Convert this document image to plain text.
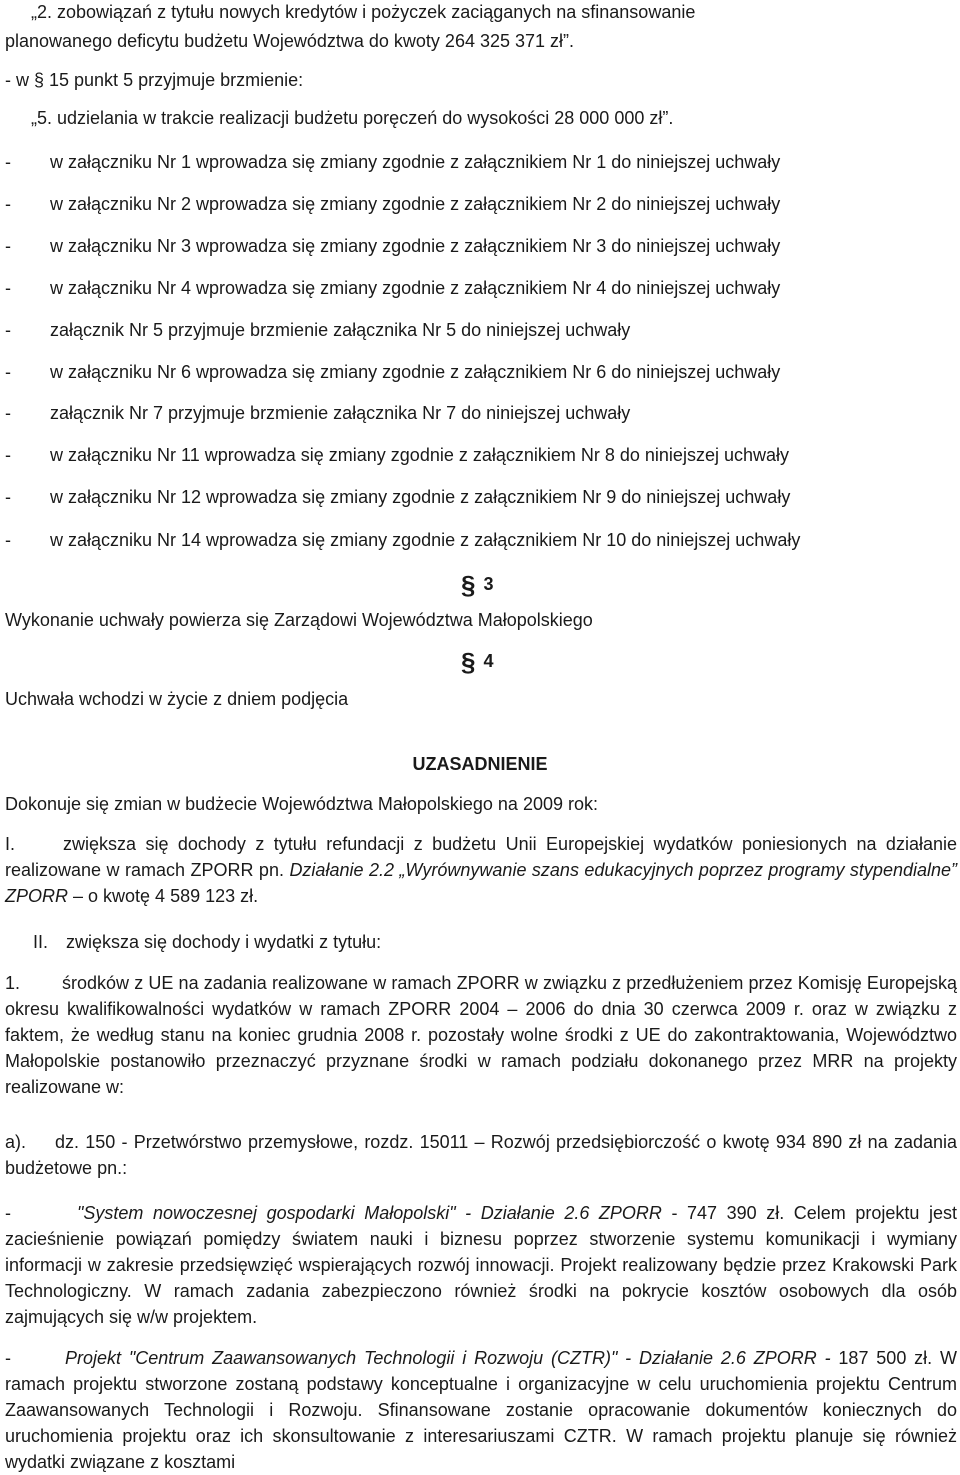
„2. zobowiązań z tytułu nowych kredytów i pożyczek zaciąganych na sfinansowanie
planowanego deficytu budżetu Województwa do kwoty 264 325 371 zł”.
- w § 15 punkt 5 przyjmuje brzmienie:
„5. udzielania w trakcie realizacji budżetu poręczeń do wysokości 28 000 000 zł”.
-	w załączniku Nr 1 wprowadza się zmiany zgodnie z załącznikiem Nr 1 do niniejszej uchwały
-	w załączniku Nr 2 wprowadza się zmiany zgodnie z załącznikiem Nr 2 do niniejszej uchwały
-	w załączniku Nr 3 wprowadza się zmiany zgodnie z załącznikiem Nr 3 do niniejszej uchwały
-	w załączniku Nr 4 wprowadza się zmiany zgodnie z załącznikiem Nr 4 do niniejszej uchwały
-	załącznik Nr 5 przyjmuje brzmienie załącznika Nr 5 do niniejszej uchwały
-	w załączniku Nr 6 wprowadza się zmiany zgodnie z załącznikiem Nr 6 do niniejszej uchwały
-	załącznik Nr 7 przyjmuje brzmienie załącznika Nr 7 do niniejszej uchwały
-	w załączniku Nr 11 wprowadza się zmiany zgodnie z załącznikiem Nr 8 do niniejszej uchwały
-	w załączniku Nr 12 wprowadza się zmiany zgodnie z załącznikiem Nr 9 do niniejszej uchwały
-	w załączniku Nr 14 wprowadza się zmiany zgodnie z załącznikiem Nr 10 do niniejszej uchwały
§ 3
Wykonanie uchwały powierza się Zarządowi Województwa Małopolskiego
§ 4
Uchwała wchodzi w życie z dniem podjęcia
UZASADNIENIE
Dokonuje się zmian w budżecie Województwa Małopolskiego na 2009 rok:
I.	zwiększa się dochody z tytułu refundacji z budżetu Unii Europejskiej wydatków poniesionych na działanie realizowane w ramach ZPORR pn. Działanie 2.2 „Wyrównywanie szans edukacyjnych poprzez programy stypendialne” ZPORR – o kwotę 4 589 123 zł.
II. zwiększa się dochody i wydatki z tytułu:
1. środków z UE na zadania realizowane w ramach ZPORR w związku z przedłużeniem przez Komisję Europejską okresu kwalifikowalności wydatków w ramach ZPORR 2004 – 2006 do dnia 30 czerwca 2009 r. oraz w związku z faktem, że według stanu na koniec grudnia 2008 r. pozostały wolne środki z UE do zakontraktowania, Województwo Małopolskie postanowiło przeznaczyć przyznane środki w ramach podziału dokonanego przez MRR na projekty realizowane w:
a). dz. 150 - Przetwórstwo przemysłowe, rozdz. 15011 – Rozwój przedsiębiorczość o kwotę 934 890 zł na zadania budżetowe pn.:
-	"System nowoczesnej gospodarki Małopolski" - Działanie 2.6 ZPORR - 747 390 zł. Celem projektu jest zacieśnienie powiązań pomiędzy światem nauki i biznesu poprzez stworzenie systemu komunikacji i wymiany informacji w zakresie przedsięwzięć wspierających rozwój innowacji. Projekt realizowany będzie przez Krakowski Park Technologiczny. W ramach zadania zabezpieczono również środki na pokrycie kosztów osobowych dla osób zajmujących się w/w projektem.
-	Projekt "Centrum Zaawansowanych Technologii i Rozwoju (CZTR)" - Działanie 2.6 ZPORR - 187 500 zł. W ramach projektu stworzone zostaną podstawy konceptualne i organizacyjne w celu uruchomienia projektu Centrum Zaawansowanych Technologii i Rozwoju. Sfinansowane zostanie opracowanie dokumentów koniecznych do uruchomienia projektu oraz ich skonsultowanie z interesariuszami CZTR. W ramach projektu planuje się również wydatki związane z kosztami
